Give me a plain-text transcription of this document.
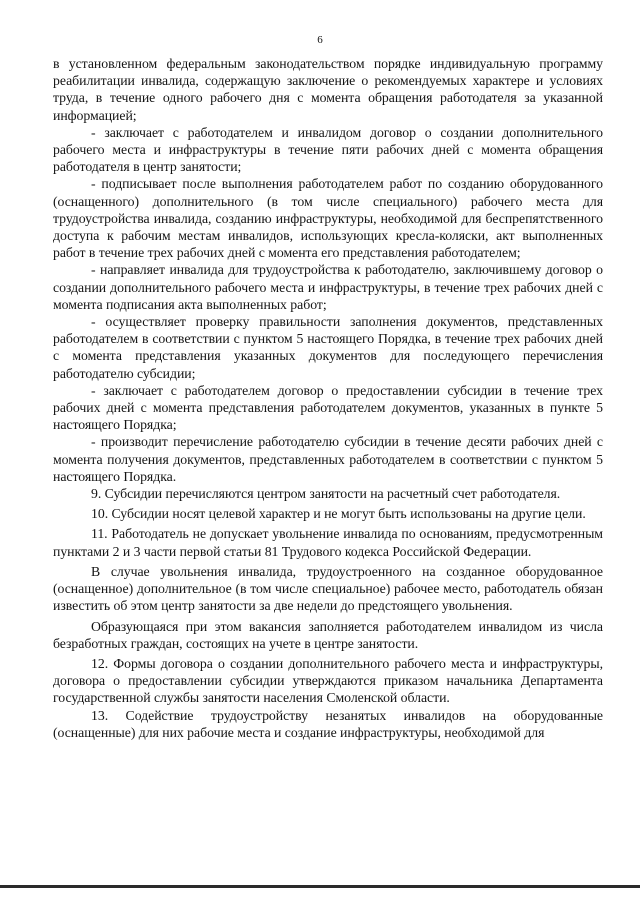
6

в установленном федеральным законодательством порядке индивидуальную программу реабилитации инвалида, содержащую заключение о рекомендуемых характере и условиях труда, в течение одного рабочего дня с момента обращения работодателя за указанной информацией;

- заключает с работодателем и инвалидом договор о создании дополнительного рабочего места и инфраструктуры в течение пяти рабочих дней с момента обращения работодателя в центр занятости;

- подписывает после выполнения работодателем работ по созданию оборудованного (оснащенного) дополнительного (в том числе специального) рабочего места для трудоустройства инвалида, созданию инфраструктуры, необходимой для беспрепятственного доступа к рабочим местам инвалидов, использующих кресла-коляски, акт выполненных работ в течение трех рабочих дней с момента его представления работодателем;

- направляет инвалида для трудоустройства к работодателю, заключившему договор о создании дополнительного рабочего места и инфраструктуры, в течение трех рабочих дней с момента подписания акта выполненных работ;

- осуществляет проверку правильности заполнения документов, представленных работодателем в соответствии с пунктом 5 настоящего Порядка, в течение трех рабочих дней с момента представления указанных документов для последующего перечисления работодателю субсидии;

- заключает с работодателем договор о предоставлении субсидии в течение трех рабочих дней с момента представления работодателем документов, указанных в пункте 5 настоящего Порядка;

- производит перечисление работодателю субсидии в течение десяти рабочих дней с момента получения документов, представленных работодателем в соответствии с пунктом 5 настоящего Порядка.

9. Субсидии перечисляются центром занятости на расчетный счет работодателя.

10. Субсидии носят целевой характер и не могут быть использованы на другие цели.

11. Работодатель не допускает увольнение инвалида по основаниям, предусмотренным пунктами 2 и 3 части первой статьи 81 Трудового кодекса Российской Федерации.

В случае увольнения инвалида, трудоустроенного на созданное оборудованное (оснащенное) дополнительное (в том числе специальное) рабочее место, работодатель обязан известить об этом центр занятости за две недели до предстоящего увольнения.

Образующаяся при этом вакансия заполняется работодателем инвалидом из числа безработных граждан, состоящих на учете в центре занятости.

12. Формы договора о создании дополнительного рабочего места и инфраструктуры, договора о предоставлении субсидии утверждаются приказом начальника Департамента государственной службы занятости населения Смоленской области.

13. Содействие трудоустройству незанятых инвалидов на оборудованные (оснащенные) для них рабочие места и создание инфраструктуры, необходимой для
